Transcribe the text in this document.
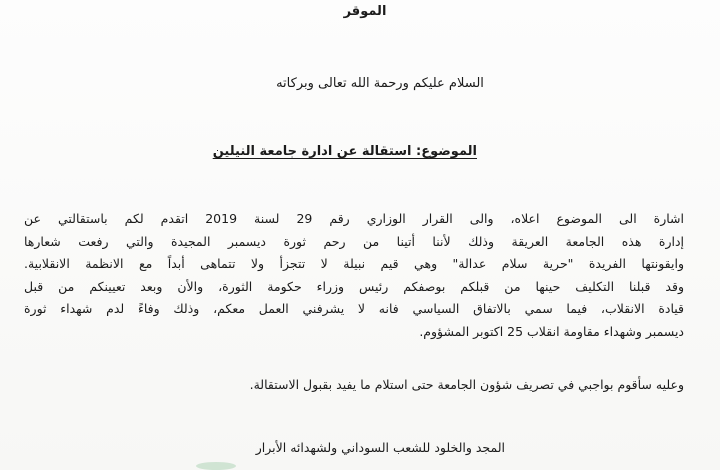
الموقر
السلام عليكم ورحمة الله تعالى وبركاته
الموضوع: استقالة عن ادارة جامعة النيلين
اشارة الى الموضوع اعلاه، والى القرار الوزاري رقم 29 لسنة 2019 اتقدم لكم باستقالتي عن
إدارة هذه الجامعة العريقة وذلك لأننا أتينا من رحم ثورة ديسمبر المجيدة والتي رفعت شعارها
وايقونتها الفريدة "حرية سلام عدالة" وهي قيم نبيلة لا تتجزأ ولا تتماهى أبداً مع الانظمة الانقلابية.
وقد قبلنا التكليف حينها من قبلكم بوصفكم رئيس وزراء حكومة الثورة، والأن وبعد تعيينكم من قبل
قيادة الانقلاب، فيما سمي بالاتفاق السياسي فانه لا يشرفني العمل معكم، وذلك وفاءً لدم شهداء ثورة
ديسمبر وشهداء مقاومة انقلاب 25 اكتوبر المشؤوم.
وعليه سأقوم بواجبي في تصريف شؤون الجامعة حتى استلام ما يفيد بقبول الاستقالة.
المجد والخلود للشعب السوداني ولشهدائه الأبرار
